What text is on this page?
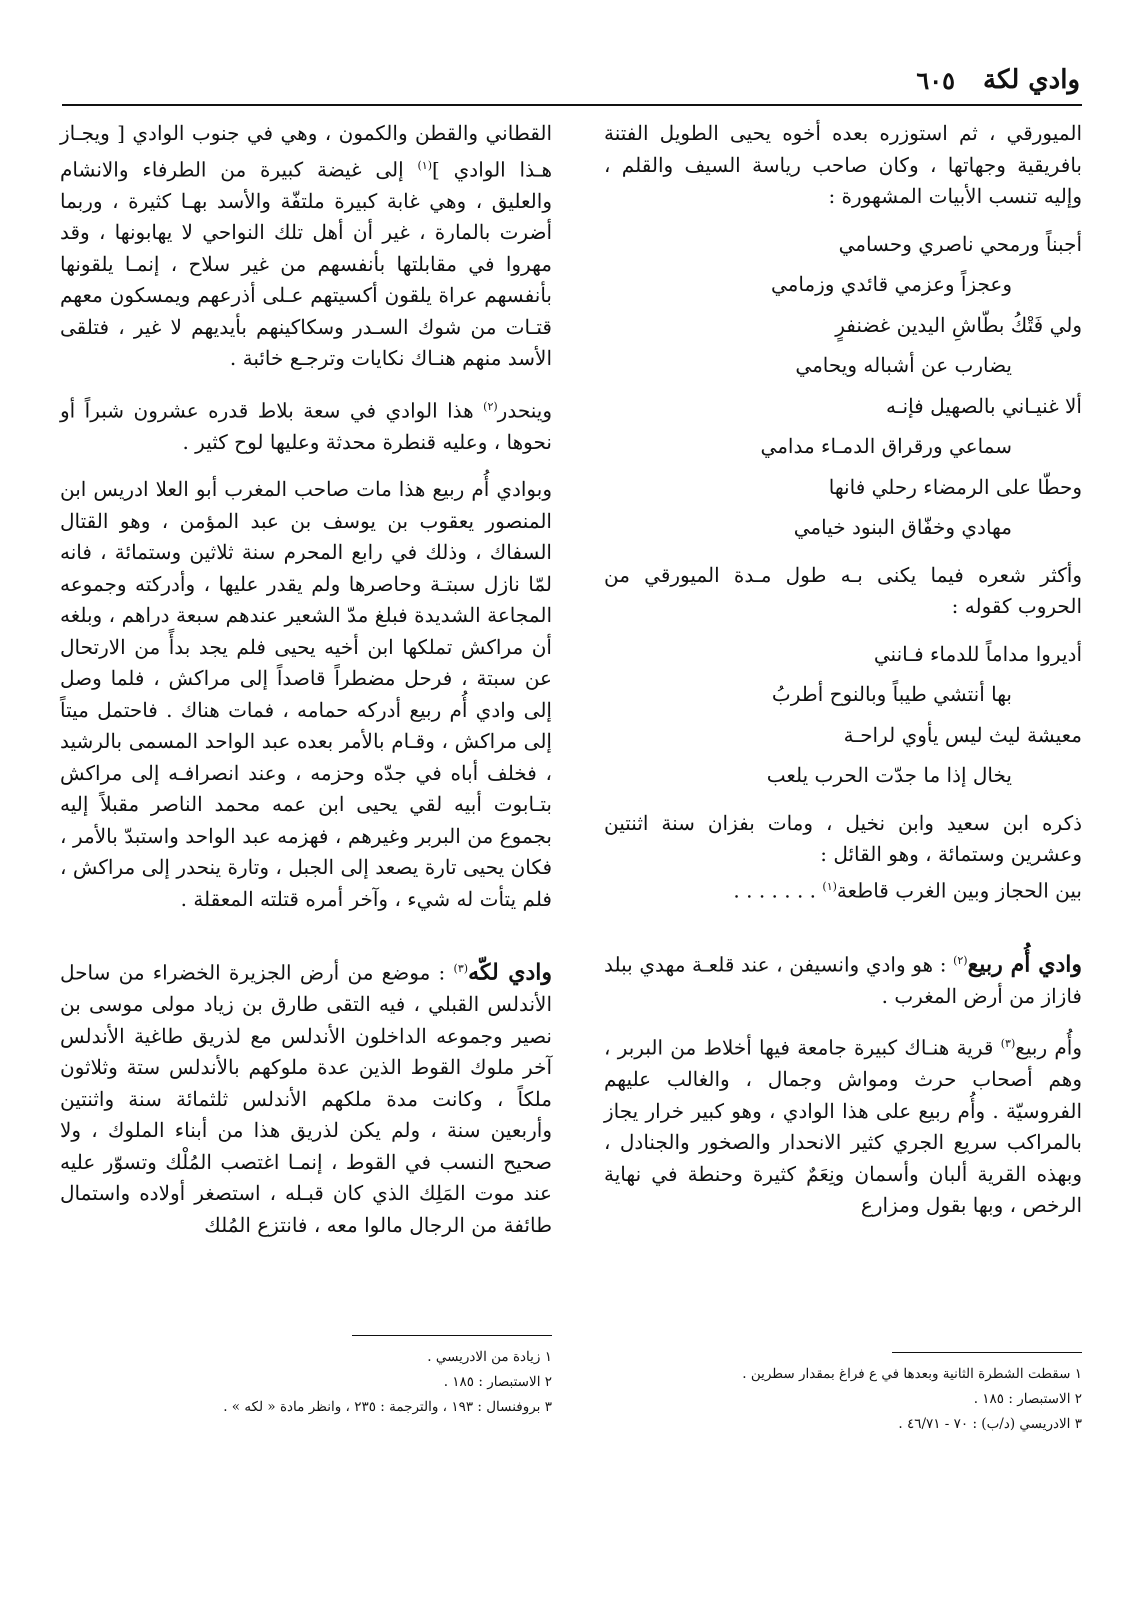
وادي لكة
٦٠٥

الميورقي ، ثم استوزره بعده أخوه يحيى الطويل الفتنة بافريقية وجهاتها ، وكان صاحب رياسة السيف والقلم ، وإليه تنسب الأبيات المشهورة :

أجبناً ورمحي ناصري وحسامي
وعجزاً وعزمي قائدي وزمامي
ولي فَتْكُ بطّاشِ اليدين غضنفرٍ
يضارب عن أشباله ويحامي
ألا غنيـاني بالصهيل فإنـه
سماعي ورقراق الدمـاء مدامي
وحطّا على الرمضاء رحلي فانها
مهادي وخفّاق البنود خيامي

وأكثر شعره فيما يكنى بـه طول مـدة الميورقي من الحروب كقوله :

أديروا مداماً للدماء فـانني
بها أنتشي طيباً وبالنوح أطربُ
معيشة ليث ليس يأوي لراحـة
يخال إذا ما جدّت الحرب يلعب

ذكره ابن سعيد وابن نخيل ، ومات بفزان سنة اثنتين وعشرين وستمائة ، وهو القائل :

بين الحجاز وبين الغرب قاطعة$^{(١)}$ . . . . . . .

وادي أُم ربيع$^{(٢)}$ : هو وادي وانسيفن ، عند قلعـة مهدي ببلد فازاز من أرض المغرب .

وأُم ربيع$^{(٣)}$ قرية هنـاك كبيرة جامعة فيها أخلاط من البربر ، وهم أصحاب حرث ومواش وجمال ، والغالب عليهم الفروسيّة . وأُم ربيع على هذا الوادي ، وهو كبير خرار يجاز بالمراكب سريع الجري كثير الانحدار والصخور والجنادل ، وبهذه القرية ألبان وأسمان ونِعَمٌ كثيرة وحنطة في نهاية الرخص ، وبها بقول ومزارع

١ سقطت الشطرة الثانية وبعدها في ع فراغ بمقدار سطرين .
٢ الاستبصار : ١٨٥ .
٣ الادريسي (د/ب) : ٧٠ - ٤٦/٧١ .

القطاني والقطن والكمون ، وهي في جنوب الوادي [ ويجـاز هـذا الوادي ]$^{(١)}$ إلى غيضة كبيرة من الطرفاء والانشام والعليق ، وهي غابة كبيرة ملتفّة والأسد بهـا كثيرة ، وربما أضرت بالمارة ، غير أن أهل تلك النواحي لا يهابونها ، وقد مهروا في مقابلتها بأنفسهم من غير سلاح ، إنمـا يلقونها بأنفسهم عراة يلقون أكسيتهم عـلى أذرعهم ويمسكون معهم قتـات من شوك السـدر وسكاكينهم بأيديهم لا غير ، فتلقى الأسد منهم هنـاك نكايات وترجـع خائبة .

وينحدر$^{(٢)}$ هذا الوادي في سعة بلاط قدره عشرون شبراً أو نحوها ، وعليه قنطرة محدثة وعليها لوح كثير .

وبوادي أُم ربيع هذا مات صاحب المغرب أبو العلا ادريس ابن المنصور يعقوب بن يوسف بن عبد المؤمن ، وهو القتال السفاك ، وذلك في رابع المحرم سنة ثلاثين وستمائة ، فانه لمّا نازل سبتـة وحاصرها ولم يقدر عليها ، وأدركته وجموعه المجاعة الشديدة فبلغ مدّ الشعير عندهم سبعة دراهم ، وبلغه أن مراكش تملكها ابن أخيه يحيى فلم يجد بدأً من الارتحال عن سبتة ، فرحل مضطراً قاصداً إلى مراكش ، فلما وصل إلى وادي أُم ربيع أدركه حمامه ، فمات هناك . فاحتمل ميتاً إلى مراكش ، وقـام بالأمر بعده عبد الواحد المسمى بالرشيد ، فخلف أباه في جدّه وحزمه ، وعند انصرافـه إلى مراكش بتـابوت أبيه لقي يحيى ابن عمه محمد الناصر مقبلاً إليه بجموع من البربر وغيرهم ، فهزمه عبد الواحد واستبدّ بالأمر ، فكان يحيى تارة يصعد إلى الجبل ، وتارة ينحدر إلى مراكش ، فلم يتأت له شيء ، وآخر أمره قتلته المعقلة .

وادي لكّه$^{(٣)}$ : موضع من أرض الجزيرة الخضراء من ساحل الأندلس القبلي ، فيه التقى طارق بن زياد مولى موسى بن نصير وجموعه الداخلون الأندلس مع لذريق طاغية الأندلس آخر ملوك القوط الذين عدة ملوكهم بالأندلس ستة وثلاثون ملكاً ، وكانت مدة ملكهم الأندلس ثلثمائة سنة واثنتين وأربعين سنة ، ولم يكن لذريق هذا من أبناء الملوك ، ولا صحيح النسب في القوط ، إنمـا اغتصب المُلْك وتسوّر عليه عند موت المَلِك الذي كان قبـله ، استصغر أولاده واستمال طائفة من الرجال مالوا معه ، فانتزع المُلك

١ زيادة من الادريسي .
٢ الاستبصار : ١٨٥ .
٣ بروفنسال : ١٩٣ ، والترجمة : ٢٣٥ ، وانظر مادة « لكه » .
